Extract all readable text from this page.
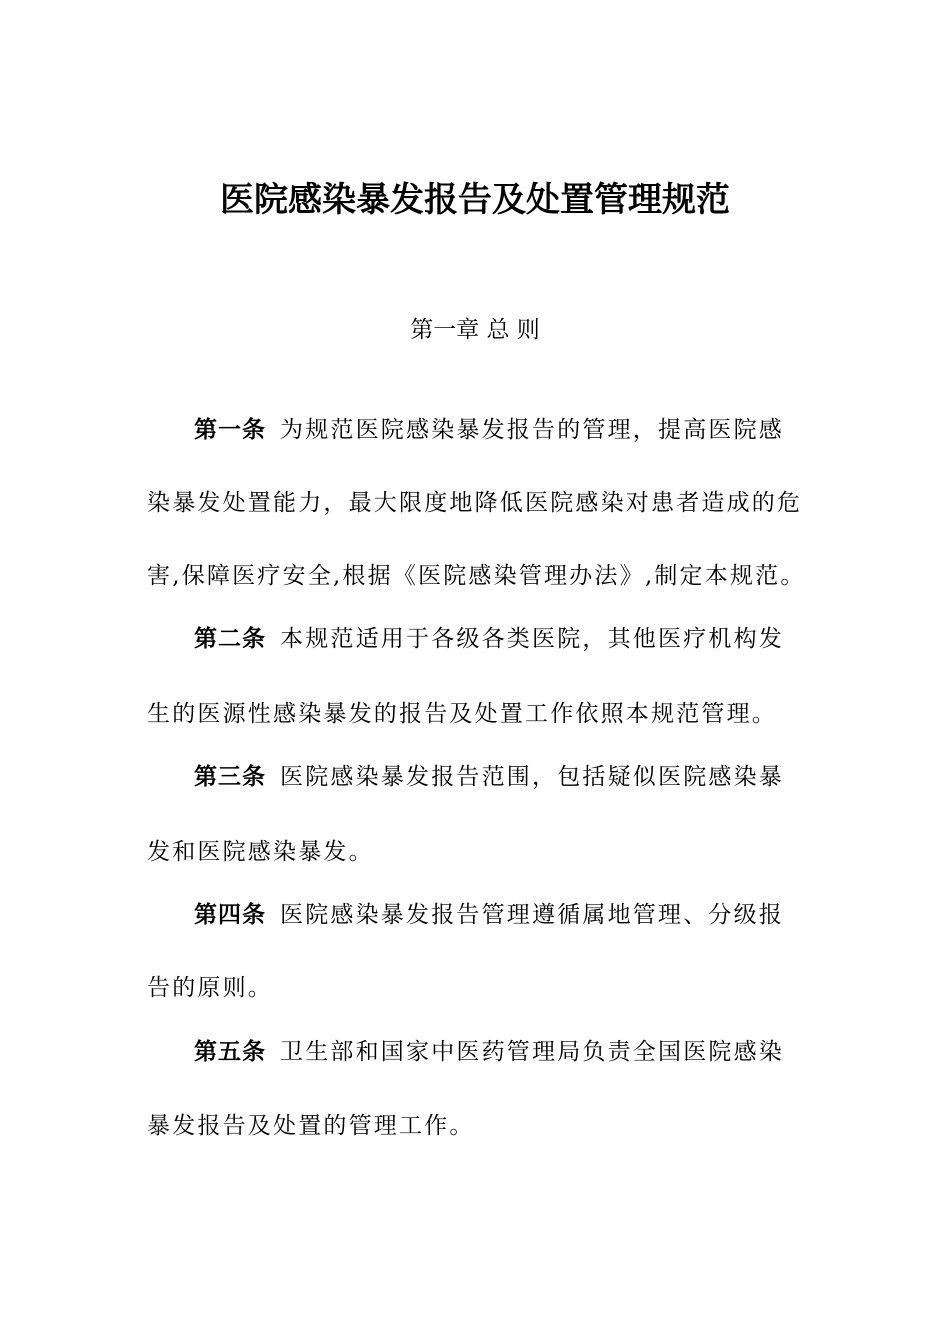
医院感染暴发报告及处置管理规范
第一章 总 则
第一条 为规范医院感染暴发报告的管理，提高医院感
染暴发处置能力，最大限度地降低医院感染对患者造成的危
害,保障医疗安全,根据《医院感染管理办法》,制定本规范。
第二条 本规范适用于各级各类医院，其他医疗机构发
生的医源性感染暴发的报告及处置工作依照本规范管理。
第三条 医院感染暴发报告范围，包括疑似医院感染暴
发和医院感染暴发。
第四条 医院感染暴发报告管理遵循属地管理、分级报
告的原则。
第五条 卫生部和国家中医药管理局负责全国医院感染
暴发报告及处置的管理工作。
